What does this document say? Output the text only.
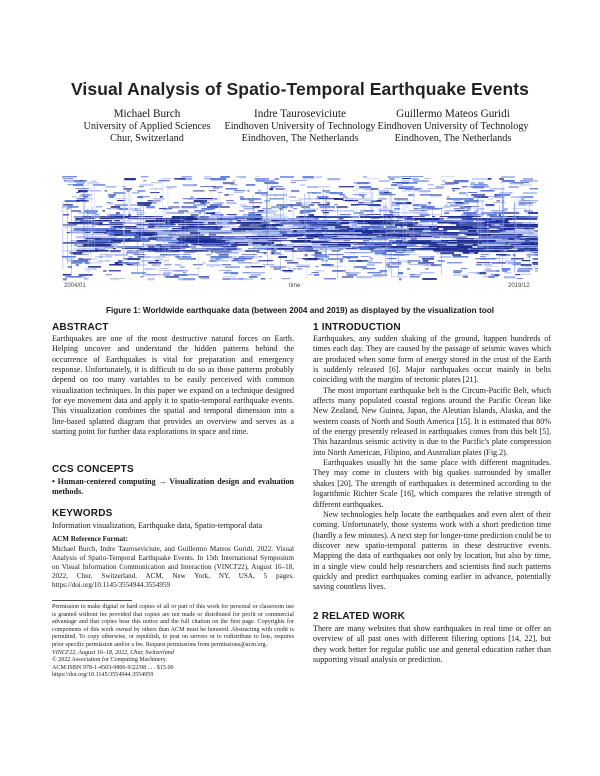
Visual Analysis of Spatio-Temporal Earthquake Events
Michael Burch
University of Applied Sciences
Chur, Switzerland
Indre Tauroseviciute
Eindhoven University of Technology
Eindhoven, The Netherlands
Guillermo Mateos Guridi
Eindhoven University of Technology
Eindhoven, The Netherlands
2004/01	time	2019/12
Figure 1: Worldwide earthquake data (between 2004 and 2019) as displayed by the visualization tool
ABSTRACT

Earthquakes are one of the most destructive natural forces on Earth. Helping uncover and understand the hidden patterns behind the occurrence of Earthquakes is vital for preparation and emergency response. Unfortunately, it is difficult to do so as those patterns probably depend on too many variables to be easily perceived with common visualization techniques. In this paper we expand on a technique designed for eye movement data and apply it to spatio-temporal earthquake events. This visualization combines the spatial and temporal dimension into a line-based splatted diagram that provides an overview and serves as a starting point for further data explorations in space and time.

CCS CONCEPTS

• Human-centered computing → Visualization design and evaluation methods.

KEYWORDS

Information visualization, Earthquake data, Spatio-temporal data

ACM Reference Format:
Michael Burch, Indre Tauroseviciute, and Guillermo Mateos Guridi. 2022. Visual Analysis of Spatio-Temporal Earthquake Events. In 15th International Symposium on Visual Information Communication and Interaction (VINCI'22), August 16–18, 2022, Chur, Switzerland. ACM, New York, NY, USA, 5 pages. https://doi.org/10.1145/3554944.3554959
Permission to make digital or hard copies of all or part of this work for personal or classroom use is granted without fee provided that copies are not made or distributed for profit or commercial advantage and that copies bear this notice and the full citation on the first page. Copyrights for components of this work owned by others than ACM must be honored. Abstracting with credit is permitted. To copy otherwise, or republish, to post on servers or to redistribute to lists, requires prior specific permission and/or a fee. Request permissions from permissions@acm.org.
VINCI'22, August 16–18, 2022, Chur, Switzerland
© 2022 Association for Computing Machinery.
ACM ISBN 978-1-4503-9806-9/22/08 . . . $15.00
https://doi.org/10.1145/3554944.3554959
1 INTRODUCTION

Earthquakes, any sudden shaking of the ground, happen hundreds of times each day. They are caused by the passage of seismic waves which are produced when some form of energy stored in the crust of the Earth is suddenly released [6]. Major earthquakes occur mainly in belts coinciding with the margins of tectonic plates [21].

The most important earthquake belt is the Circum-Pacific Belt, which affects many populated coastal regions around the Pacific Ocean like New Zealand, New Guinea, Japan, the Aleutian Islands, Alaska, and the western coasts of North and South America [15]. It is estimated that 80% of the energy presently released in earthquakes comes from this belt [5]. This hazardous seismic activity is due to the Pacific's plate compression into North American, Filipino, and Australian plates (Fig.2).

Earthquakes usually hit the same place with different magnitudes. They may come in clusters with big quakes surrounded by smaller shakes [20]. The strength of earthquakes is determined according to the logarithmic Richter Scale [16], which compares the relative strength of different earthquakes.

New technologies help locate the earthquakes and even alert of their coming. Unfortunately, those systems work with a short prediction time (hardly a few minutes). A next step for longer-time prediction could be to discover new spatio-temporal patterns in these destructive events. Mapping the data of earthquakes not only by location, but also by time, in a single view could help researchers and scientists find such patterns quickly and predict earthquakes coming earlier in advance, potentially saving countless lives.

2 RELATED WORK

There are many websites that show earthquakes in real time or offer an overview of all past ones with different filtering options [14, 22], but they work better for regular public use and general education rather than supporting visual analysis or prediction.
